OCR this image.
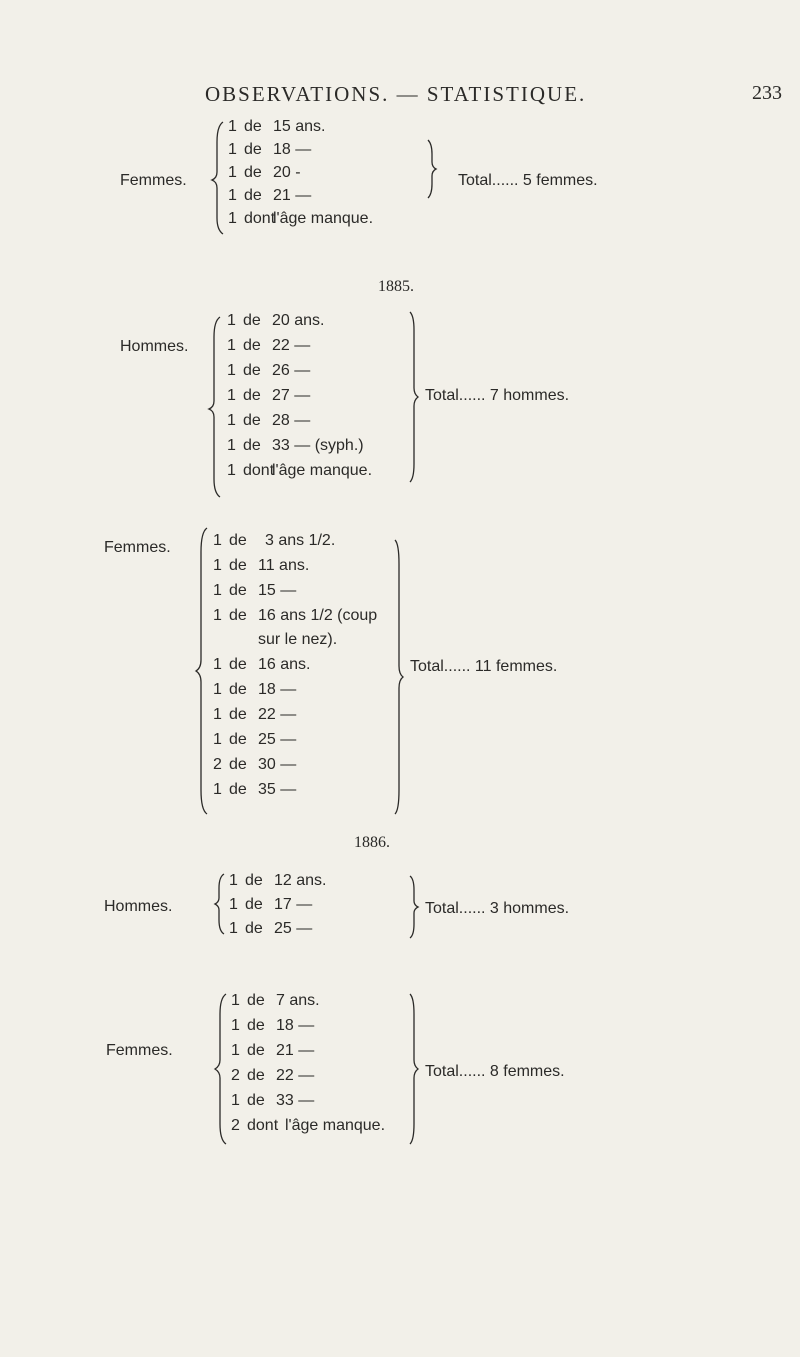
OBSERVATIONS. — STATISTIQUE.	233
Femmes.
1 de 15 ans.
1 de 18 —
1 de 20 -
1 de 21 —
1 dont
l'âge manque.
Total...... 5 femmes.
1885.
Hommes.
1 de 20 ans.
1 de 22 —
1 de 26 —
1 de 27 —
1 de 28 —
1 de 33 — (syph.)
1 dont
l'âge manque.
Total...... 7 hommes.
Femmes.	1 de 3 ans 1/2.
1 de 11 ans.
1 de 15 —
1 de 16 ans 1/2 (coup
sur le nez).
1 de 16 ans.
1 de 18 —
1 de 22 —
1 de 25 —
2 de 30 —
1 de 35 —
Total...... 11 femmes.
1886.
Hommes.
1 de 12 ans.
1 de 17 —
1 de 25 —
Total...... 3 hommes.
Femmes.
1 de 7 ans.
1 de 18 —
1 de 21 —
2 de 22 —
1 de 33 —
2 dont l'âge manque.
Total...... 8 femmes.
